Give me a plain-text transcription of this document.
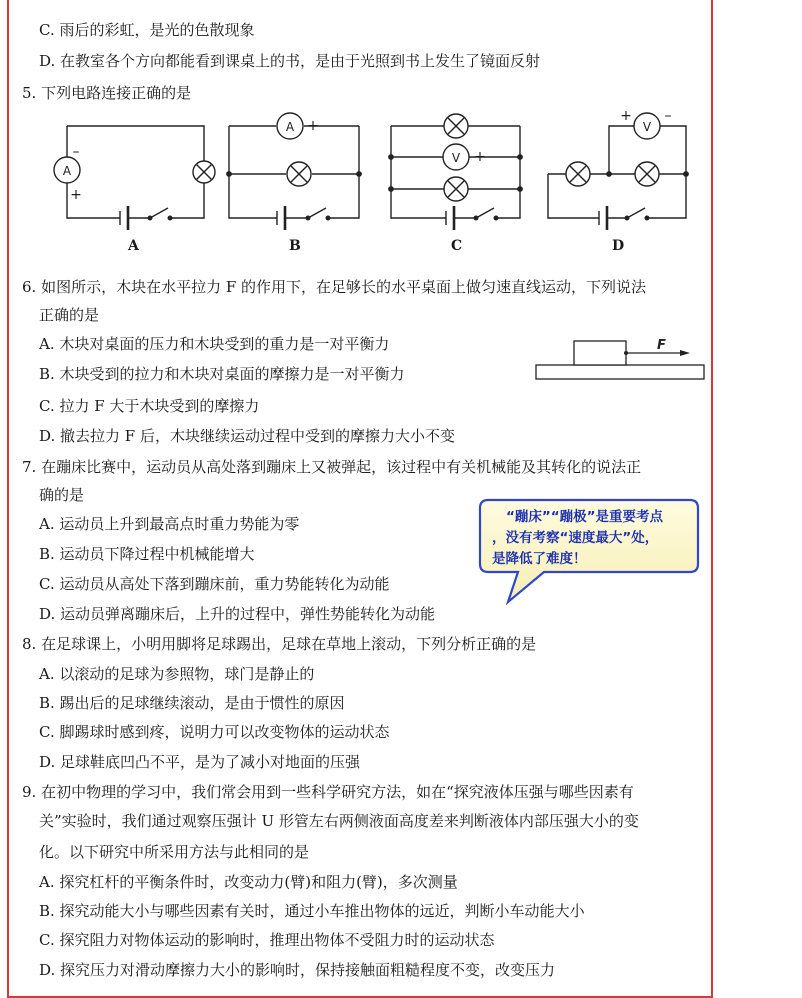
C. 雨后的彩虹，是光的色散现象
D. 在教室各个方向都能看到课桌上的书，是由于光照到书上发生了镜面反射
5. 下列电路连接正确的是
A
–
+
A
–	+
V
–	+
V
+ –
A	B	C	D
6. 如图所示，木块在水平拉力 F 的作用下，在足够长的水平桌面上做匀速直线运动，下列说法
正确的是
A. 木块对桌面的压力和木块受到的重力是一对平衡力
B. 木块受到的拉力和木块对桌面的摩擦力是一对平衡力
C. 拉力 F 大于木块受到的摩擦力
D. 撤去拉力 F 后，木块继续运动过程中受到的摩擦力大小不变
F
7. 在蹦床比赛中，运动员从高处落到蹦床上又被弹起，该过程中有关机械能及其转化的说法正
确的是
A. 运动员上升到最高点时重力势能为零
B. 运动员下降过程中机械能增大
C. 运动员从高处下落到蹦床前，重力势能转化为动能
D. 运动员弹离蹦床后，上升的过程中，弹性势能转化为动能
“蹦床”“蹦极”是重要考点
，没有考察“速度最大”处，
是降低了难度！
8. 在足球课上，小明用脚将足球踢出，足球在草地上滚动，下列分析正确的是
A. 以滚动的足球为参照物，球门是静止的
B. 踢出后的足球继续滚动，是由于惯性的原因
C. 脚踢球时感到疼，说明力可以改变物体的运动状态
D. 足球鞋底凹凸不平，是为了减小对地面的压强
9. 在初中物理的学习中，我们常会用到一些科学研究方法，如在“探究液体压强与哪些因素有
关”实验时，我们通过观察压强计 U 形管左右两侧液面高度差来判断液体内部压强大小的变
化。以下研究中所采用方法与此相同的是
A. 探究杠杆的平衡条件时，改变动力(臂)和阻力(臂)，多次测量
B. 探究动能大小与哪些因素有关时，通过小车推出物体的远近，判断小车动能大小
C. 探究阻力对物体运动的影响时，推理出物体不受阻力时的运动状态
D. 探究压力对滑动摩擦力大小的影响时，保持接触面粗糙程度不变，改变压力
